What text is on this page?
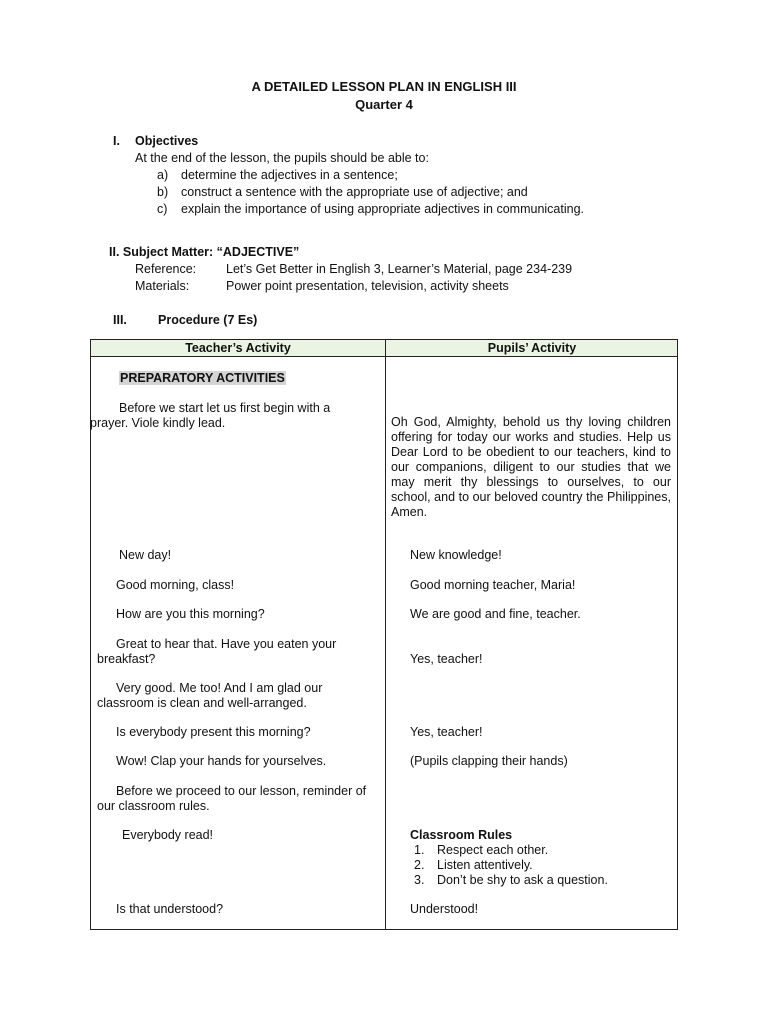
A DETAILED LESSON PLAN IN ENGLISH III
Quarter 4
I. Objectives
At the end of the lesson, the pupils should be able to:
a) determine the adjectives in a sentence;
b) construct a sentence with the appropriate use of adjective; and
c) explain the importance of using appropriate adjectives in communicating.
II. Subject Matter: “ADJECTIVE”
Reference: Let’s Get Better in English 3, Learner’s Material, page 234-239
Materials:	Power point presentation, television, activity sheets
III. Procedure (7 Es)
Teacher’s Activity	Pupils’ Activity
PREPARATORY ACTIVITIES
Before we start let us first begin with a
prayer. Viole kindly lead.	Oh God, Almighty, behold us thy loving children offering for today our works and studies. Help us Dear Lord to be obedient to our teachers, kind to our companions, diligent to our studies that we may merit thy blessings to ourselves, to our school, and to our beloved country the Philippines, Amen.
New day!	New knowledge!
Good morning, class!	Good morning teacher, Maria!
How are you this morning?	We are good and fine, teacher.
Great to hear that. Have you eaten your
breakfast?	Yes, teacher!
Very good. Me too! And I am glad our
classroom is clean and well-arranged.
Is everybody present this morning?	Yes, teacher!
Wow! Clap your hands for yourselves.	(Pupils clapping their hands)
Before we proceed to our lesson, reminder of
our classroom rules.
Everybody read!	Classroom Rules
1. Respect each other.
2. Listen attentively.
3. Don’t be shy to ask a question.
Is that understood?	Understood!
